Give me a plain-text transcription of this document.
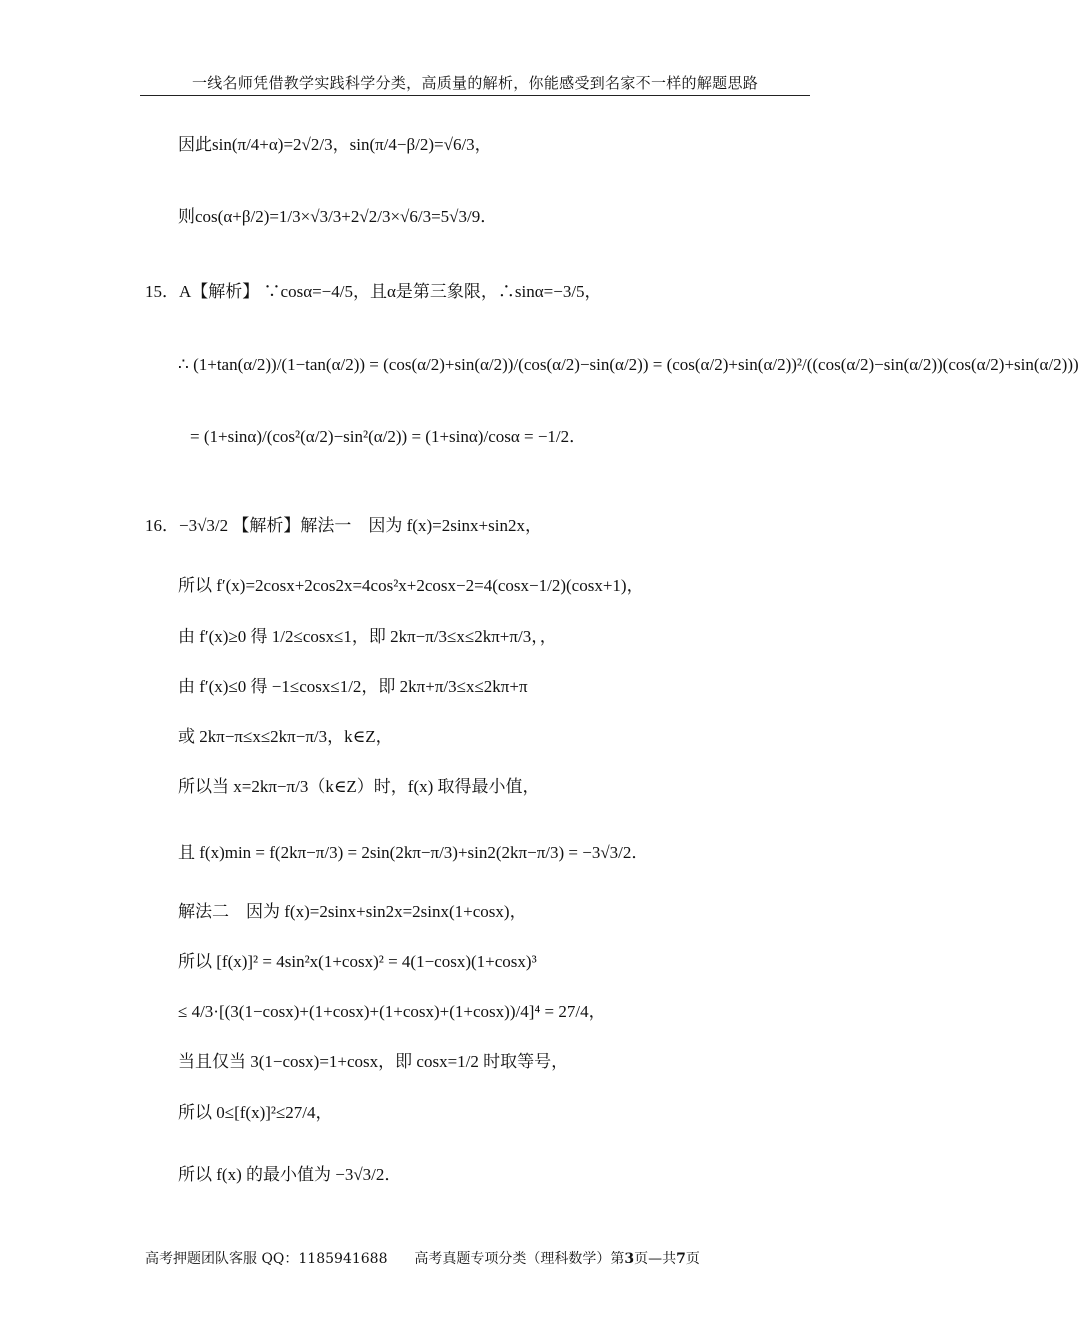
一线名师凭借教学实践科学分类，高质量的解析，你能感受到名家不一样的解题思路
因此sin(π/4+α)=2√2/3，sin(π/4−β/2)=√6/3，
则cos(α+β/2)=1/3×√3/3+2√2/3×√6/3=5√3/9．
15．A【解析】 ∵cosα=−4/5，且α是第三象限，∴sinα=−3/5，
∴ (1+tan(α/2))/(1−tan(α/2)) = (cos(α/2)+sin(α/2))/(cos(α/2)−sin(α/2)) = (cos(α/2)+sin(α/2))²/((cos(α/2)−sin(α/2))(cos(α/2)+sin(α/2)))
= (1+sinα)/(cos²(α/2)−sin²(α/2)) = (1+sinα)/cosα = −1/2．
16．−3√3/2 【解析】解法一　因为 f(x)=2sinx+sin2x，
所以 f′(x)=2cosx+2cos2x=4cos²x+2cosx−2=4(cosx−1/2)(cosx+1)，
由 f′(x)≥0 得 1/2≤cosx≤1，即 2kπ−π/3≤x≤2kπ+π/3，，
由 f′(x)≤0 得 −1≤cosx≤1/2，即 2kπ+π/3≤x≤2kπ+π
或 2kπ−π≤x≤2kπ−π/3，k∈Z，
所以当 x=2kπ−π/3（k∈Z）时，f(x) 取得最小值，
且 f(x)min = f(2kπ−π/3) = 2sin(2kπ−π/3)+sin2(2kπ−π/3) = −3√3/2．
解法二　因为 f(x)=2sinx+sin2x=2sinx(1+cosx)，
所以 [f(x)]² = 4sin²x(1+cosx)² = 4(1−cosx)(1+cosx)³
≤ 4/3·[(3(1−cosx)+(1+cosx)+(1+cosx)+(1+cosx))/4]⁴ = 27/4，
当且仅当 3(1−cosx)=1+cosx，即 cosx=1/2 时取等号，
所以 0≤[f(x)]²≤27/4，
所以 f(x) 的最小值为 −3√3/2．
高考押题团队客服 QQ：1185941688 高考真题专项分类（理科数学）第3页—共7页
